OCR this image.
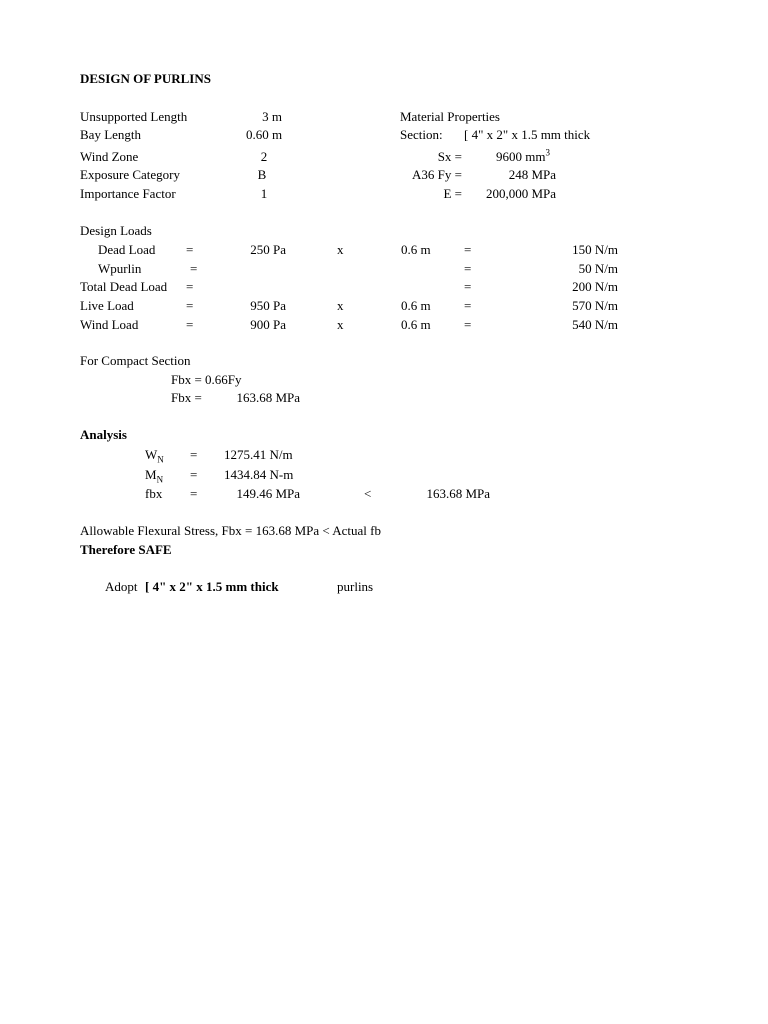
DESIGN OF PURLINS
Unsupported Length	3 m
Bay Length	0.60 m
Wind Zone	2
Exposure Category	B
Importance Factor	1
Material Properties
Section: [ 4" x 2" x 1.5 mm thick
Sx =	9600 $mm^3$
A36 Fy =	248 MPa
E =	200,000 MPa
Design Loads
Dead Load =	250 Pa	x	0.6 m	=	150 N/m
Wpurlin	=	=	50 N/m
Total Dead Load =	=	200 N/m
Live Load	=	950 Pa	x	0.6 m	=	570 N/m
Wind Load	=	900 Pa	x	0.6 m	=	540 N/m
For Compact Section
Fbx = 0.66Fy
Fbx =	163.68 MPa
Analysis
$W_N = 1275.41$ N/m
$M_N = 1434.84$ N-m
fbx =	149.46 MPa	<	163.68 MPa
Allowable Flexural Stress, Fbx = 163.68 MPa < Actual fb
Therefore SAFE
Adopt [ 4" x 2" x 1.5 mm thick	purlins
